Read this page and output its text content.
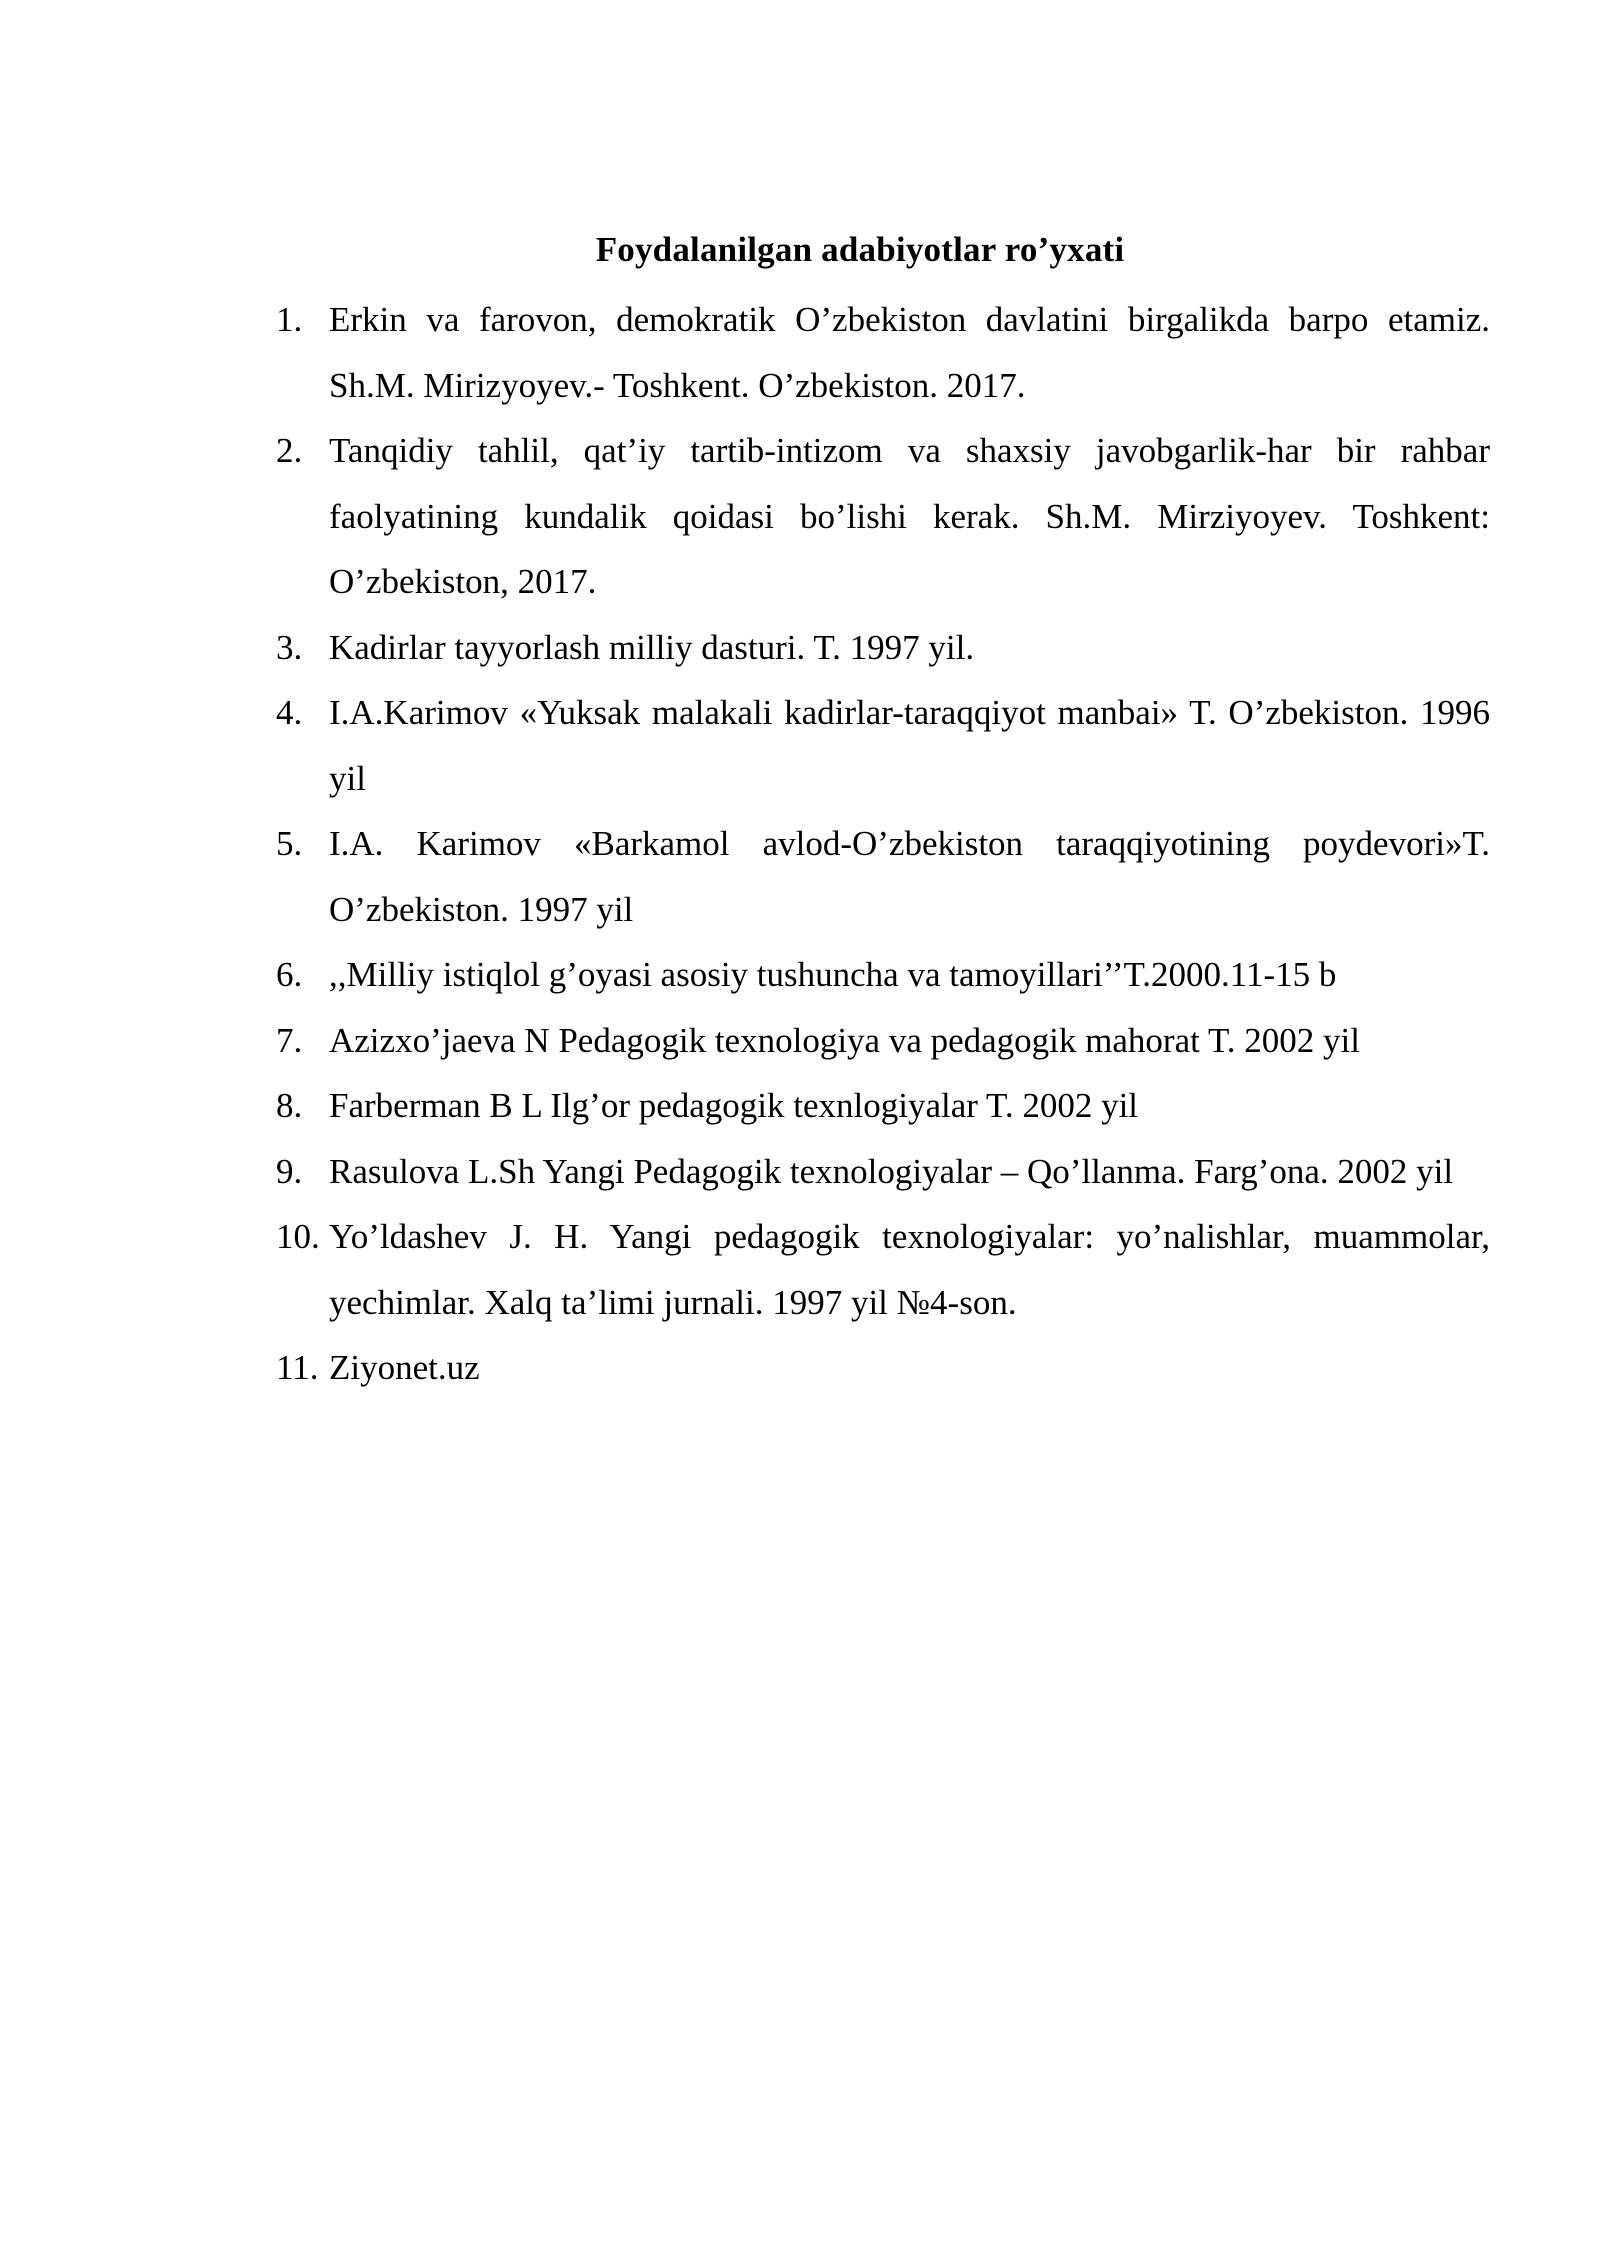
Foydalanilgan adabiyotlar ro’yxati
1. Erkin va farovon, demokratik O’zbekiston davlatini birgalikda barpo etamiz. Sh.M. Mirizyoyev.- Toshkent. O’zbekiston. 2017.
2. Tanqidiy tahlil, qat’iy tartib-intizom va shaxsiy javobgarlik-har bir rahbar faolyatining kundalik qoidasi bo’lishi kerak. Sh.M. Mirziyoyev. Toshkent: O’zbekiston, 2017.
3. Kadirlar tayyorlash milliy dasturi. T. 1997 yil.
4. I.A.Karimov «Yuksak malakali kadirlar-taraqqiyot manbai» T. O’zbekiston. 1996 yil
5. I.A. Karimov «Barkamol avlod-O’zbekiston taraqqiyotining poydevori»T. O’zbekiston. 1997 yil
6. ,,Milliy istiqlol g’oyasi asosiy tushuncha va tamoyillari’’T.2000.11-15 b
7. Azizxo’jaeva N Pedagogik texnologiya va pedagogik mahorat T. 2002 yil
8. Farberman B L Ilg’or pedagogik texnlogiyalar T. 2002 yil
9. Rasulova L.Sh Yangi Pedagogik texnologiyalar – Qo’llanma. Farg’ona. 2002 yil
10. Yo’ldashev J. H. Yangi pedagogik texnologiyalar: yo’nalishlar, muammolar, yechimlar. Xalq ta’limi jurnali. 1997 yil №4-son.
11. Ziyonet.uz
